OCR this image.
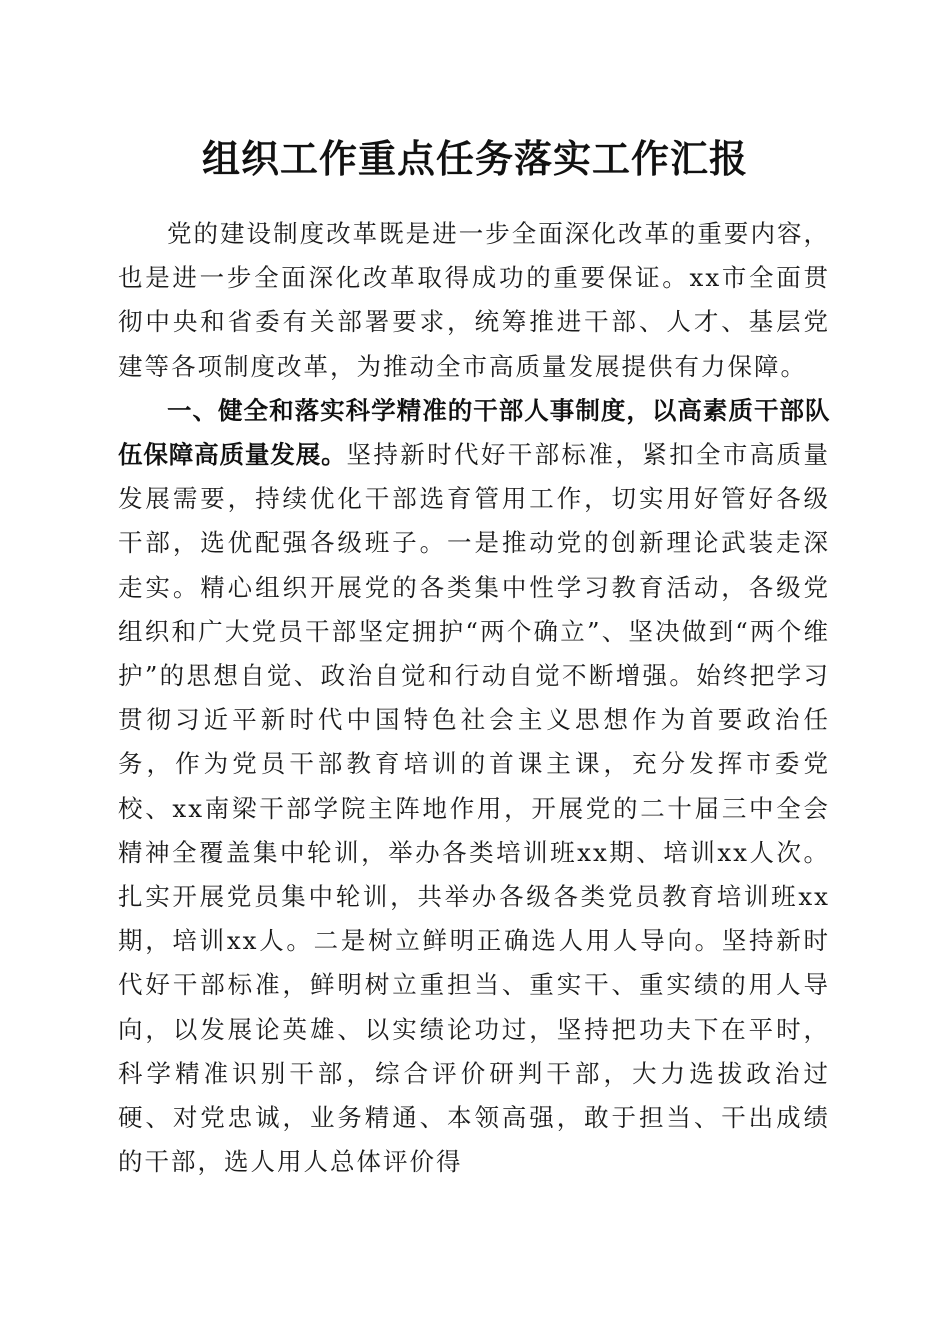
组织工作重点任务落实工作汇报

党的建设制度改革既是进一步全面深化改革的重要内容，也是进一步全面深化改革取得成功的重要保证。xx市全面贯彻中央和省委有关部署要求，统筹推进干部、人才、基层党建等各项制度改革，为推动全市高质量发展提供有力保障。

一、健全和落实科学精准的干部人事制度，以高素质干部队伍保障高质量发展。坚持新时代好干部标准，紧扣全市高质量发展需要，持续优化干部选育管用工作，切实用好管好各级干部，选优配强各级班子。一是推动党的创新理论武装走深走实。精心组织开展党的各类集中性学习教育活动，各级党组织和广大党员干部坚定拥护“两个确立”、坚决做到“两个维护”的思想自觉、政治自觉和行动自觉不断增强。始终把学习贯彻习近平新时代中国特色社会主义思想作为首要政治任务，作为党员干部教育培训的首课主课，充分发挥市委党校、xx南梁干部学院主阵地作用，开展党的二十届三中全会精神全覆盖集中轮训，举办各类培训班xx期、培训xx人次。扎实开展党员集中轮训，共举办各级各类党员教育培训班xx期，培训xx人。二是树立鲜明正确选人用人导向。坚持新时代好干部标准，鲜明树立重担当、重实干、重实绩的用人导向，以发展论英雄、以实绩论功过，坚持把功夫下在平时，科学精准识别干部，综合评价研判干部，大力选拔政治过硬、对党忠诚，业务精通、本领高强，敢于担当、干出成绩的干部，选人用人总体评价得
